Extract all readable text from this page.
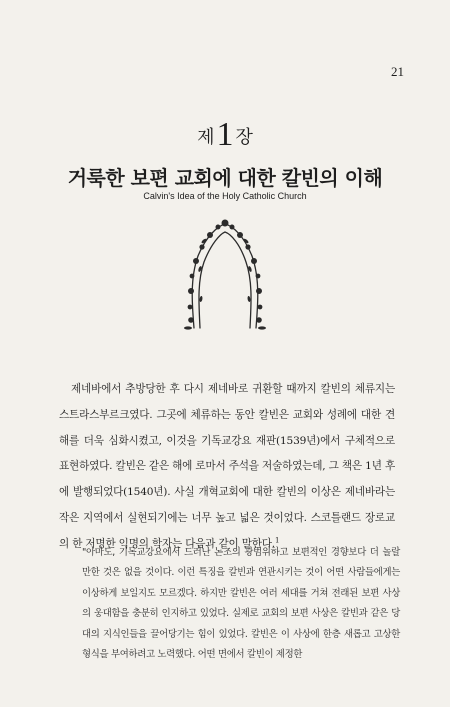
21
제1 장
거룩한 보편 교회에 대한 칼빈의 이해
Calvin's Idea of the Holy Catholic Church

제네바에서 추방당한 후 다시 제네바로 귀환할 때까지 칼빈의 체류지는 스트라스부르크였다. 그곳에 체류하는 동안 칼빈은 교회와 성례에 대한 견해를 더욱 심화시켰고, 이것을 기독교강요 재판(1539년)에서 구체적으로 표현하였다. 칼빈은 같은 해에 로마서 주석을 저술하였는데, 그 책은 1년 후에 발행되었다(1540년). 사실 개혁교회에 대한 칼빈의 이상은 제네바라는 작은 지역에서 실현되기에는 너무 높고 넓은 것이었다. 스코틀랜드 장로교의 한 저명한 익명의 학자는 다음과 같이 말한다.$^1$

"아마도, 기독교강요에서 드러난 논조의 광범위하고 보편적인 경향보다 더 놀랄 만한 것은 없을 것이다. 이런 특징을 칼빈과 연관시키는 것이 어떤 사람들에게는 이상하게 보일지도 모르겠다. 하지만 칼빈은 여러 세대를 거쳐 전래된 보편 사상의 웅대함을 충분히 인지하고 있었다. 실제로 교회의 보편 사상은 칼빈과 같은 당대의 지식인들을 끌어당기는 힘이 있었다. 칼빈은 이 사상에 한층 새롭고 고상한 형식을 부여하려고 노력했다. 어떤 면에서 칼빈이 제정한
